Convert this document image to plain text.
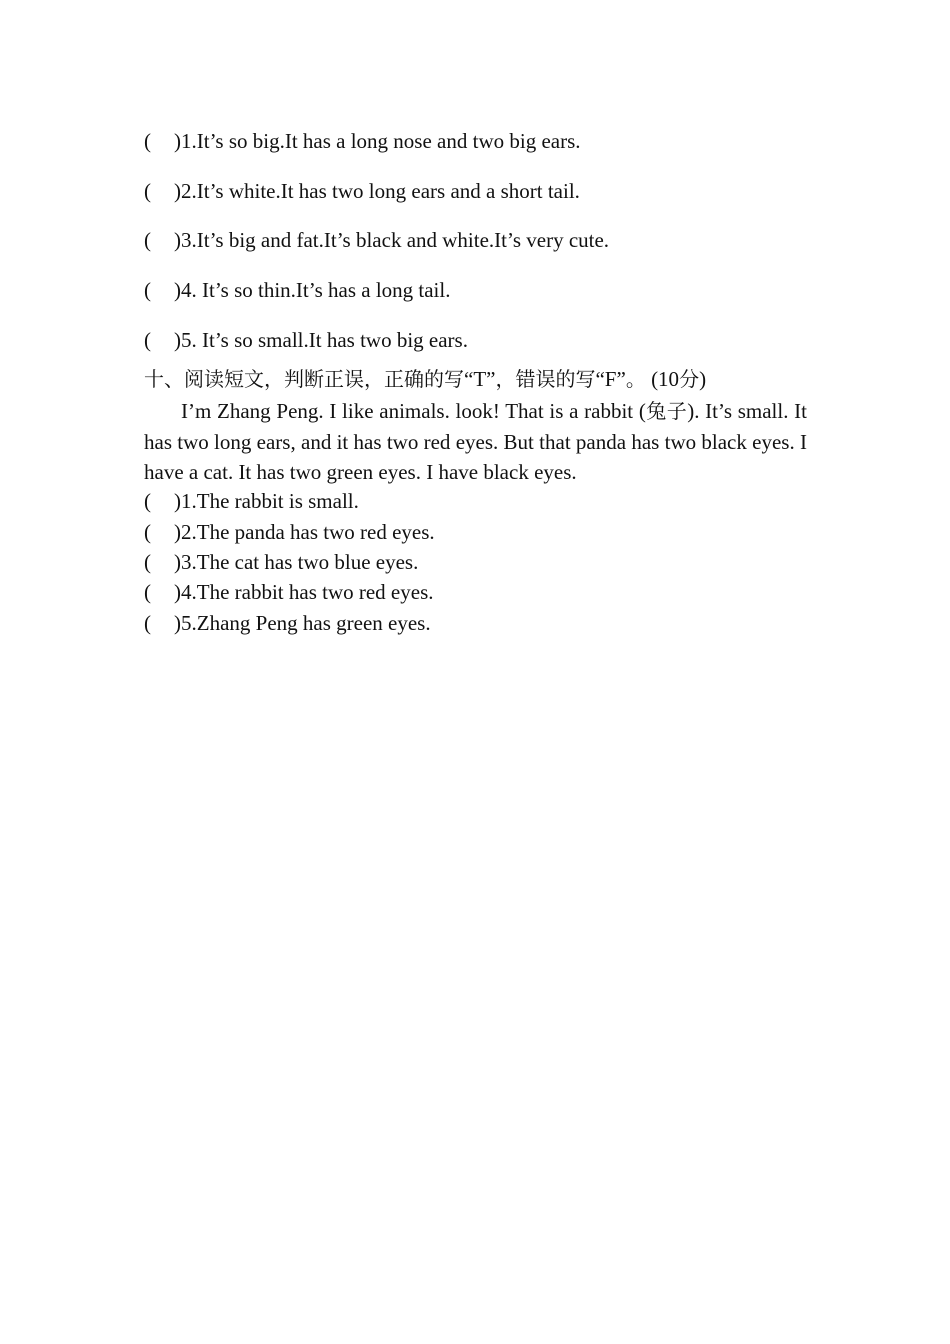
( )1.It’s so big.It has a long nose and two big ears.
( )2.It’s white.It has two long ears and a short tail.
( )3.It’s big and fat.It’s black and white.It’s very cute.
( )4. It’s so thin.It’s has a long tail.
( )5. It’s so small.It has two big ears.
十、阅读短文，判断正误，正确的写“T”，错误的写“F”。 (10分)
I’m Zhang Peng. I like animals. look! That is a rabbit (兔子). It’s small. It has two long ears, and it has two red eyes. But that panda has two black eyes. I have a cat. It has two green eyes. I have black eyes.
( )1.The rabbit is small.
( )2.The panda has two red eyes.
( )3.The cat has two blue eyes.
( )4.The rabbit has two red eyes.
( )5.Zhang Peng has green eyes.
